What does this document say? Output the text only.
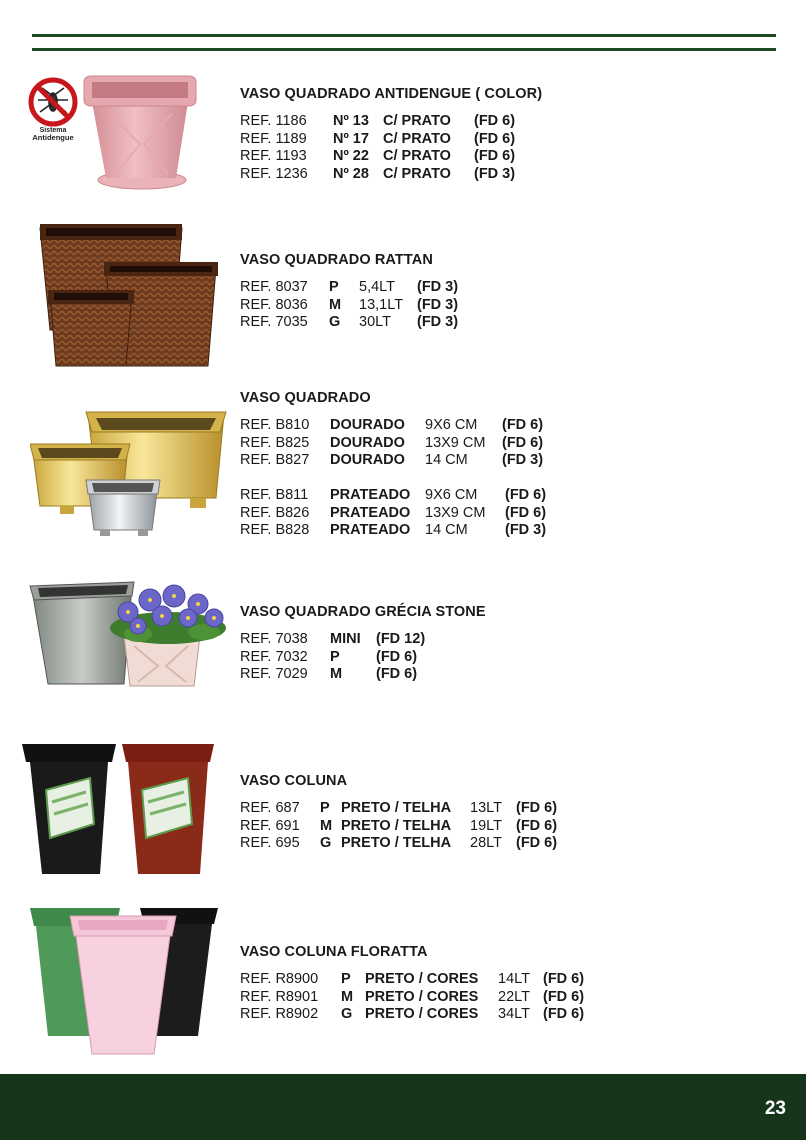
Sistema
Antidengue
VASO QUADRADO ANTIDENGUE ( COLOR)
REF. 1186	Nº 13 C/ PRATO	(FD 6)
REF. 1189	Nº 17 C/ PRATO	(FD 6)
REF. 1193	Nº 22 C/ PRATO	(FD 6)
REF. 1236	Nº 28 C/ PRATO	(FD 3)
VASO QUADRADO RATTAN
REF. 8037	P	5,4LT	(FD 3)
REF. 8036	M	13,1LT (FD 3)
REF. 7035	G	30LT	(FD 3)
VASO QUADRADO
REF. B810	DOURADO	9X6 CM	(FD 6)
REF. B825	DOURADO	13X9 CM	(FD 6)
REF. B827	DOURADO	14 CM	(FD 3)
REF. B811	PRATEADO	9X6 CM	(FD 6)
REF. B826	PRATEADO	13X9 CM	(FD 6)
REF. B828	PRATEADO	14 CM	(FD 3)
VASO QUADRADO GRÉCIA STONE
REF. 7038	MINI	(FD 12)
REF. 7032	P	(FD 6)
REF. 7029	M	(FD 6)
VASO COLUNA
REF. 687	P PRETO / TELHA	13LT (FD 6)
REF. 691	M PRETO / TELHA	19LT (FD 6)
REF. 695	G PRETO / TELHA	28LT (FD 6)
VASO COLUNA FLORATTA
REF. R8900	P PRETO / CORES	14LT (FD 6)
REF. R8901	M PRETO / CORES	22LT (FD 6)
REF. R8902	G PRETO / CORES	34LT (FD 6)
23
